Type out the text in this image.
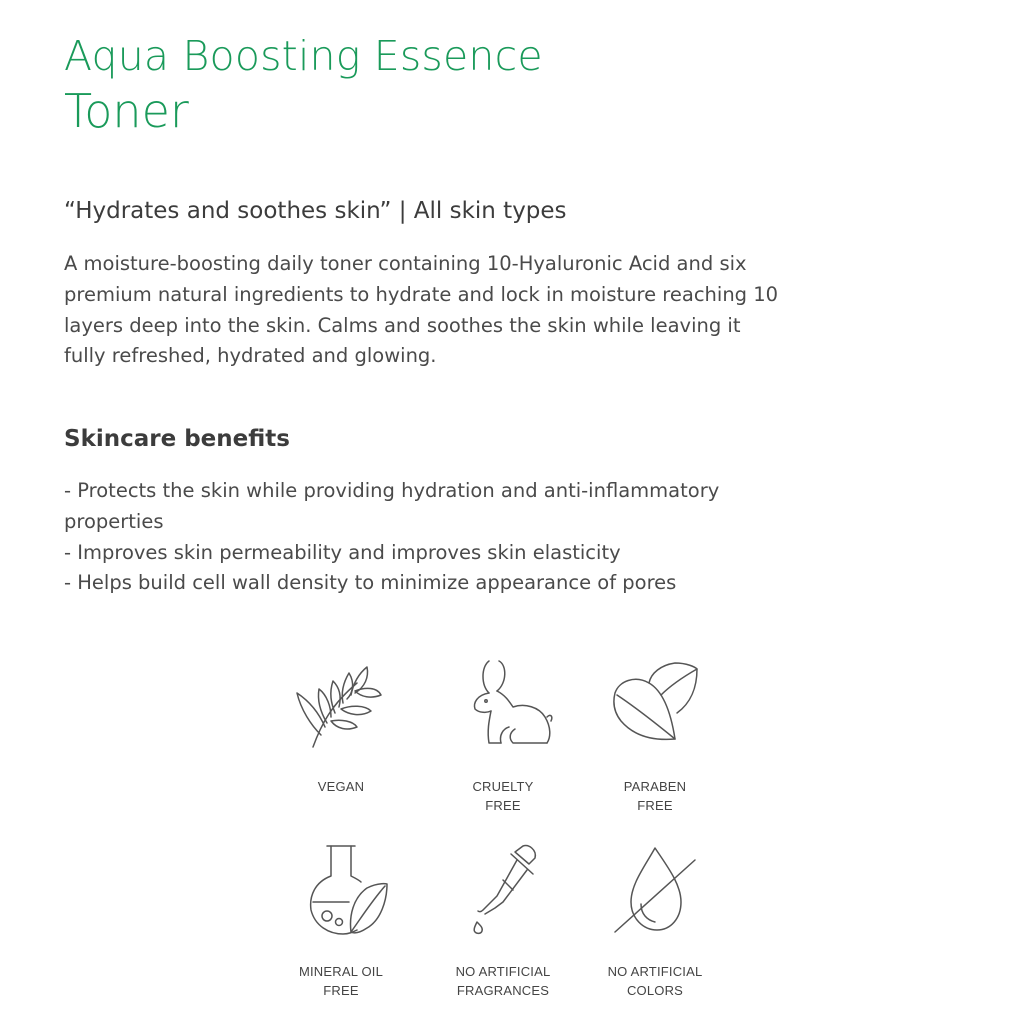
Aqua Boosting Essence
Toner

“Hydrates and soothes skin” | All skin types

A moisture-boosting daily toner containing 10-Hyaluronic Acid and six premium natural ingredients to hydrate and lock in moisture reaching 10 layers deep into the skin. Calms and soothes the skin while leaving it fully refreshed, hydrated and glowing.

Skincare benefits
- Protects the skin while providing hydration and anti-inflammatory properties
- Improves skin permeability and improves skin elasticity
- Helps build cell wall density to minimize appearance of pores
VEGAN	CRUELTY
FREE
PARABEN
FREE
MINERAL OIL
FREE
NO ARTIFICIAL
FRAGRANCES
NO ARTIFICIAL
COLORS
